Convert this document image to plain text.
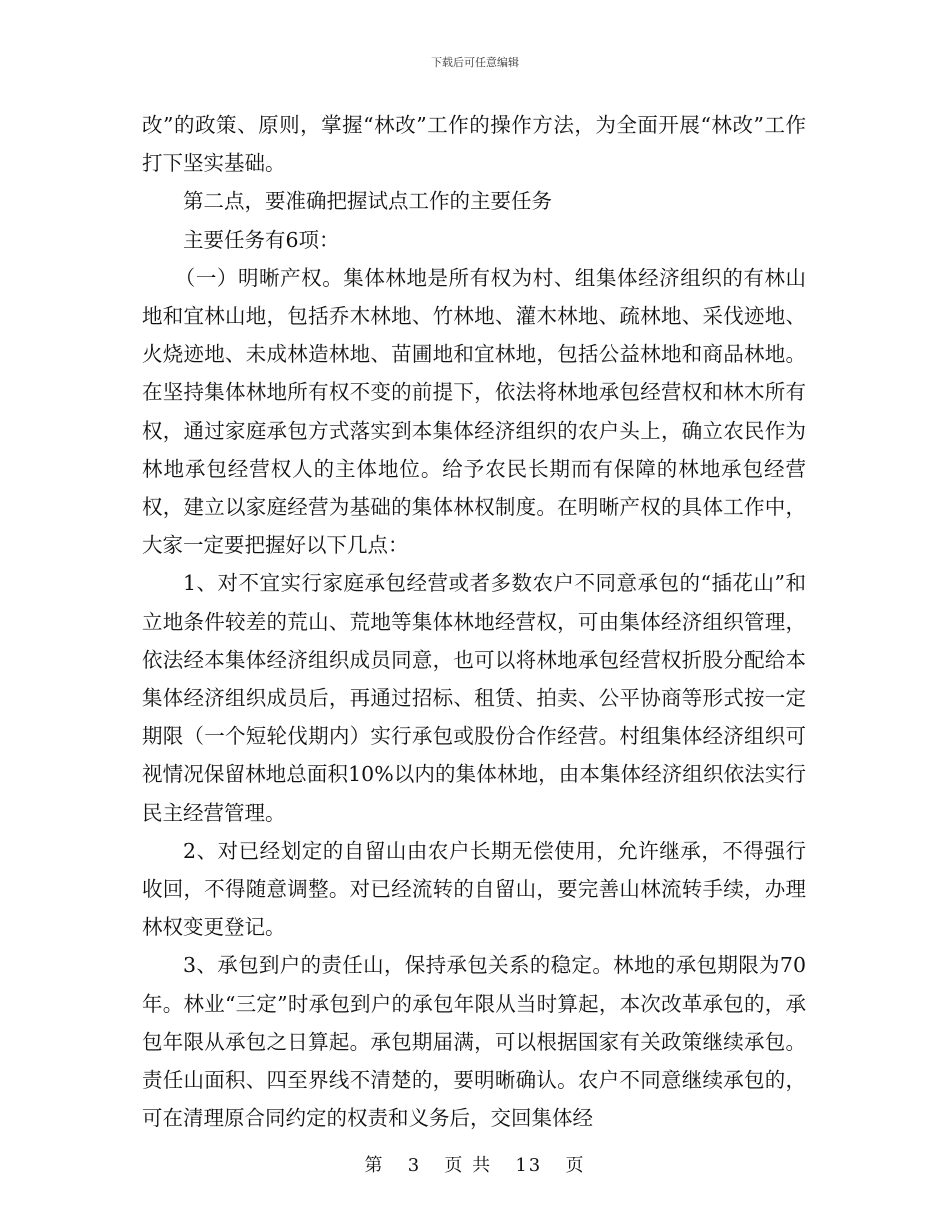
下载后可任意编辑

改”的政策、原则，掌握“林改”工作的操作方法，为全面开展“林改”工作打下坚实基础。

第二点，要准确把握试点工作的主要任务

主要任务有6项：

（一）明晰产权。集体林地是所有权为村、组集体经济组织的有林山地和宜林山地，包括乔木林地、竹林地、灌木林地、疏林地、采伐迹地、火烧迹地、未成林造林地、苗圃地和宜林地，包括公益林地和商品林地。在坚持集体林地所有权不变的前提下，依法将林地承包经营权和林木所有权，通过家庭承包方式落实到本集体经济组织的农户头上，确立农民作为林地承包经营权人的主体地位。给予农民长期而有保障的林地承包经营权，建立以家庭经营为基础的集体林权制度。在明晰产权的具体工作中，大家一定要把握好以下几点：

1、对不宜实行家庭承包经营或者多数农户不同意承包的“插花山”和立地条件较差的荒山、荒地等集体林地经营权，可由集体经济组织管理，依法经本集体经济组织成员同意，也可以将林地承包经营权折股分配给本集体经济组织成员后，再通过招标、租赁、拍卖、公平协商等形式按一定期限（一个短轮伐期内）实行承包或股份合作经营。村组集体经济组织可视情况保留林地总面积10%以内的集体林地，由本集体经济组织依法实行民主经营管理。

2、对已经划定的自留山由农户长期无偿使用，允许继承，不得强行收回，不得随意调整。对已经流转的自留山，要完善山林流转手续，办理林权变更登记。

3、承包到户的责任山，保持承包关系的稳定。林地的承包期限为70年。林业“三定”时承包到户的承包年限从当时算起，本次改革承包的，承包年限从承包之日算起。承包期届满，可以根据国家有关政策继续承包。责任山面积、四至界线不清楚的，要明晰确认。农户不同意继续承包的，可在清理原合同约定的权责和义务后，交回集体经

第 3 页 共 13 页
